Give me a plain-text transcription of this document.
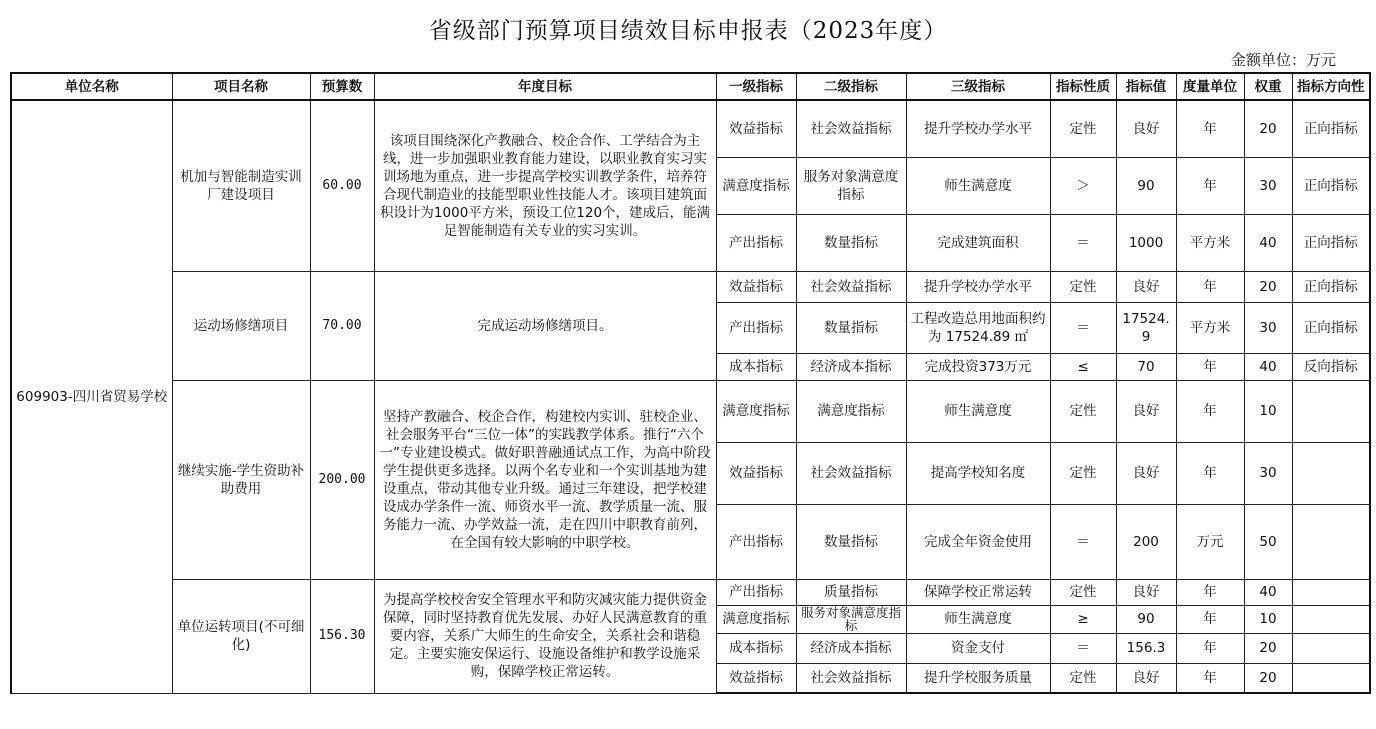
省级部门预算项目绩效目标申报表（2023年度）
金额单位：万元
单位名称	项目名称	预算数	年度目标	一级指标	二级指标	三级指标	指标性质	指标值	度量单位	权重	指标方向性
609903-四川省贸易学校	机加与智能制造实训厂建设项目	60.00	该项目围绕深化产教融合、校企合作、工学结合为主线，进一步加强职业教育能力建设，以职业教育实习实训场地为重点，进一步提高学校实训教学条件，培养符合现代制造业的技能型职业性技能人才。该项目建筑面积设计为1000平方米，预设工位120个，建成后，能满足智能制造有关专业的实习实训。	效益指标	社会效益指标	提升学校办学水平	定性	良好	年	20	正向指标
				满意度指标	服务对象满意度指标	师生满意度	＞	90	年	30	正向指标
				产出指标	数量指标	完成建筑面积	＝	1000	平方米	40	正向指标
	运动场修缮项目	70.00	完成运动场修缮项目。	效益指标	社会效益指标	提升学校办学水平	定性	良好	年	20	正向指标
				产出指标	数量指标	工程改造总用地面积约为 17524.89 ㎡	＝	17524.9	平方米	30	正向指标
				成本指标	经济成本指标	完成投资373万元	≤	70	年	40	反向指标
	继续实施-学生资助补助费用	200.00	坚持产教融合、校企合作，构建校内实训、驻校企业、社会服务平台“三位一体”的实践教学体系。推行“六个一”专业建设模式。做好职普融通试点工作，为高中阶段学生提供更多选择。以两个名专业和一个实训基地为建设重点，带动其他专业升级。通过三年建设，把学校建设成办学条件一流、师资水平一流、教学质量一流、服务能力一流、办学效益一流，走在四川中职教育前列，在全国有较大影响的中职学校。	满意度指标	满意度指标	师生满意度	定性	良好	年	10	
				效益指标	社会效益指标	提高学校知名度	定性	良好	年	30	
				产出指标	数量指标	完成全年资金使用	＝	200	万元	50	
	单位运转项目(不可细化)	156.30	为提高学校校舍安全管理水平和防灾减灾能力提供资金保障，同时坚持教育优先发展、办好人民满意教育的重要内容，关系广大师生的生命安全，关系社会和谐稳定。主要实施安保运行、设施设备维护和教学设施采购，保障学校正常运转。	产出指标	质量指标	保障学校正常运转	定性	良好	年	40	
				满意度指标	服务对象满意度指标	师生满意度	≥	90	年	10	
				成本指标	经济成本指标	资金支付	＝	156.3	年	20	
				效益指标	社会效益指标	提升学校服务质量	定性	良好	年	20	
